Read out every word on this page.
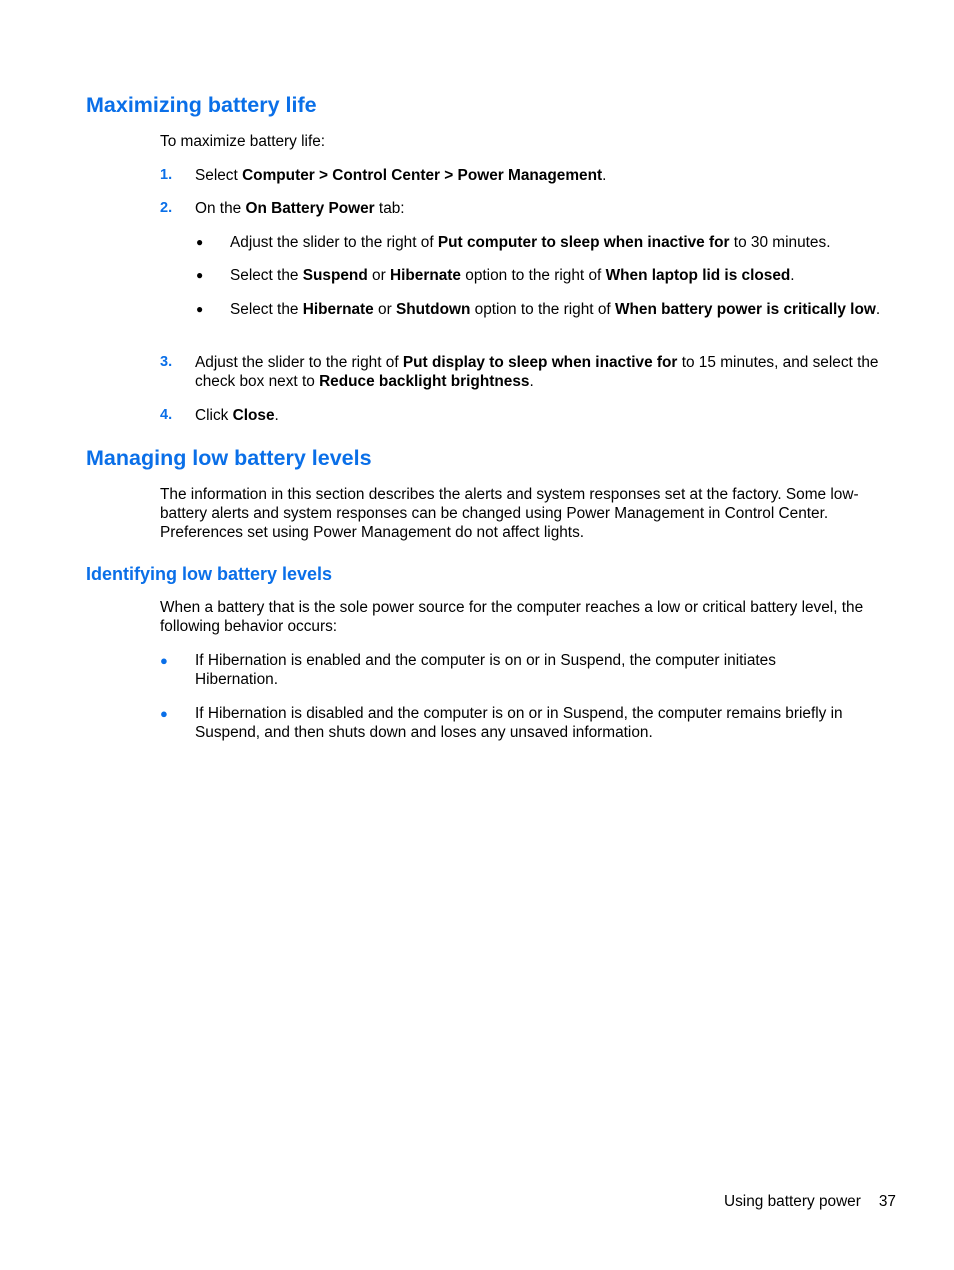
Maximizing battery life

To maximize battery life:

1. Select Computer > Control Center > Power Management.
2. On the On Battery Power tab:
● Adjust the slider to the right of Put computer to sleep when inactive for to 30 minutes.
● Select the Suspend or Hibernate option to the right of When laptop lid is closed.
● Select the Hibernate or Shutdown option to the right of When battery power is critically low.
3. Adjust the slider to the right of Put display to sleep when inactive for to 15 minutes, and select the check box next to Reduce backlight brightness.
4. Click Close.
Managing low battery levels

The information in this section describes the alerts and system responses set at the factory. Some low-battery alerts and system responses can be changed using Power Management in Control Center. Preferences set using Power Management do not affect lights.

Identifying low battery levels

When a battery that is the sole power source for the computer reaches a low or critical battery level, the following behavior occurs:

● If Hibernation is enabled and the computer is on or in Suspend, the computer initiates Hibernation.
● If Hibernation is disabled and the computer is on or in Suspend, the computer remains briefly in Suspend, and then shuts down and loses any unsaved information.
Using battery power 37
